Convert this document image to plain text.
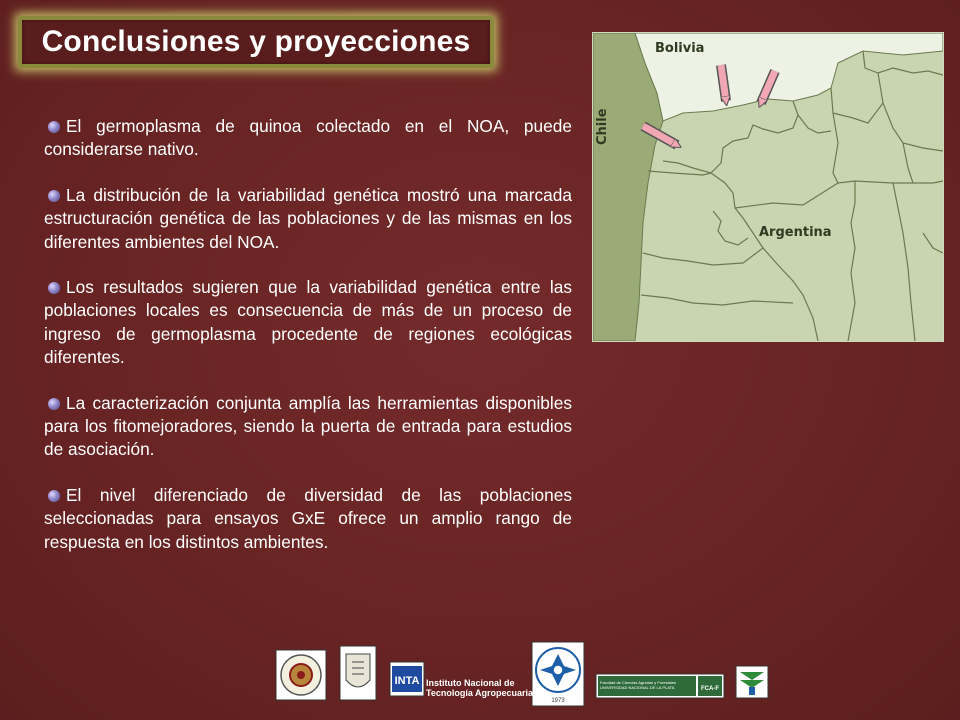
Conclusiones y proyecciones

El germoplasma de quinoa colectado en el NOA, puede considerarse nativo.

La distribución de la variabilidad genética mostró una marcada estructuración genética de las poblaciones y de las mismas en los diferentes ambientes del NOA.

Los resultados sugieren que la variabilidad genética entre las poblaciones locales es consecuencia de más de un proceso de ingreso de germoplasma procedente de regiones ecológicas diferentes.

La caracterización conjunta amplía las herramientas disponibles para los fitomejoradores, siendo la puerta de entrada para estudios de asociación.

El nivel diferenciado de diversidad de las poblaciones seleccionadas para ensayos GxE ofrece un amplio rango de respuesta en los distintos ambientes.

Bolivia
Chile
Argentina
INTA
1973
FCA-F
Instituto Nacional de
Tecnología Agropecuaria
Facultad de Ciencias Agrarias y Forestales
UNIVERSIDAD NACIONAL DE LA PLATA
